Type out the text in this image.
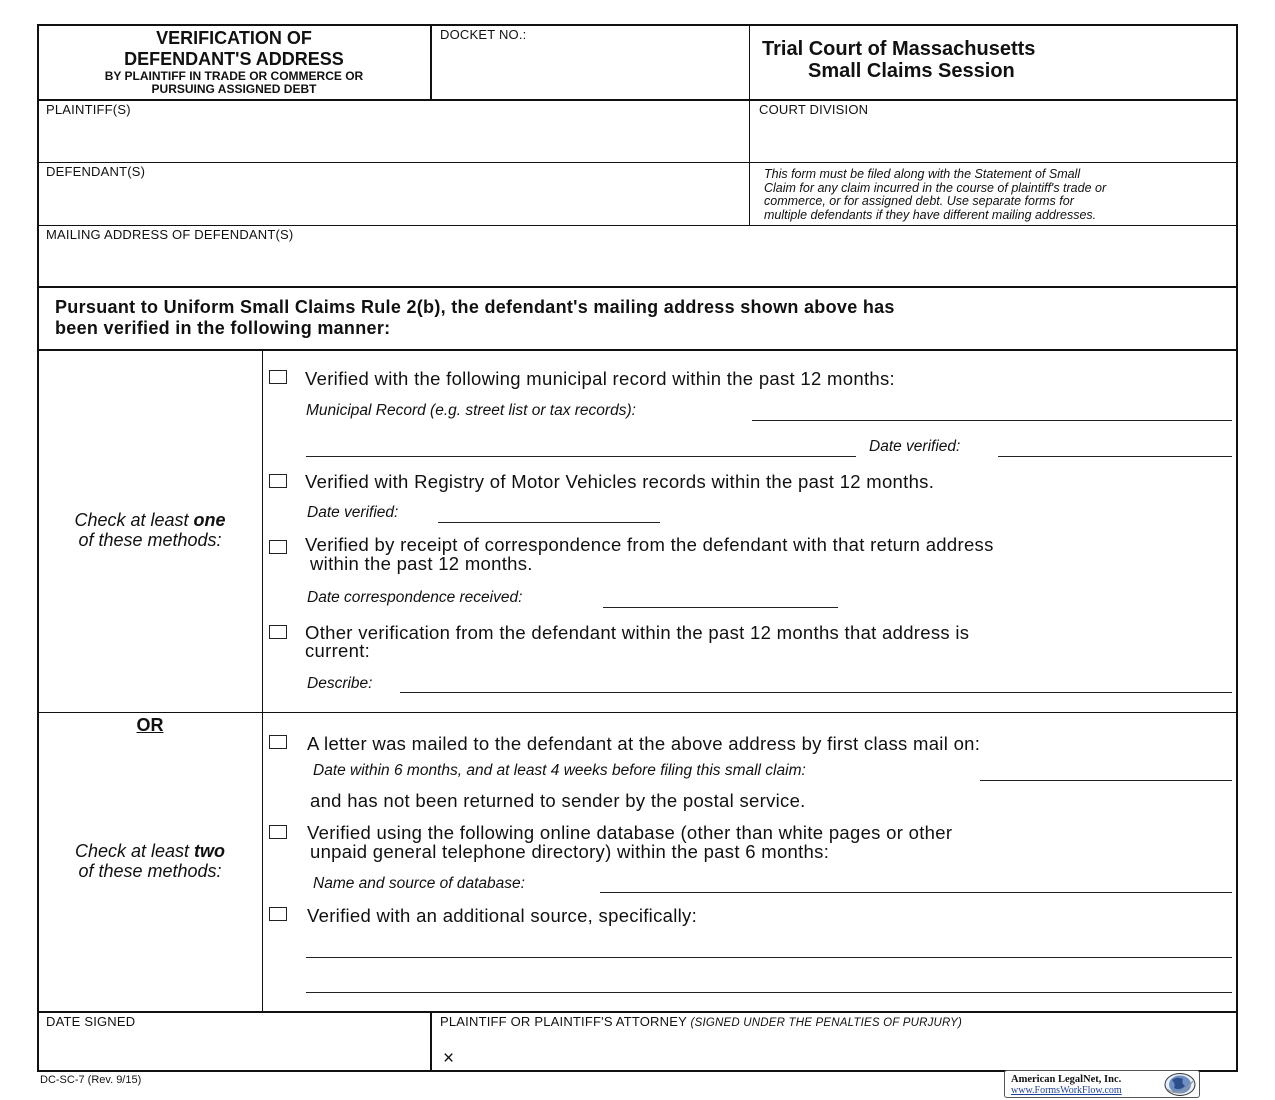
VERIFICATION OF
DEFENDANT'S ADDRESS
BY PLAINTIFF IN TRADE OR COMMERCE OR
PURSUING ASSIGNED DEBT
DOCKET NO.:
Trial Court of Massachusetts
Small Claims Session
PLAINTIFF(S)	COURT DIVISION
DEFENDANT(S)	This form must be filed along with the Statement of Small
Claim for any claim incurred in the course of plaintiff's trade or
commerce, or for assigned debt. Use separate forms for
multiple defendants if they have different mailing addresses.
MAILING ADDRESS OF DEFENDANT(S)
Pursuant to Uniform Small Claims Rule 2(b), the defendant's mailing address shown above has
been verified in the following manner:
Check at least one
of these methods:
Verified with the following municipal record within the past 12 months:
Municipal Record (e.g. street list or tax records):
Date verified:
Verified with Registry of Motor Vehicles records within the past 12 months.
Date verified:
Verified by receipt of correspondence from the defendant with that return address
within the past 12 months.
Date correspondence received:
Other verification from the defendant within the past 12 months that address is
current:
Describe:
OR
Check at least two
of these methods:
A letter was mailed to the defendant at the above address by first class mail on:
Date within 6 months, and at least 4 weeks before filing this small claim:
and has not been returned to sender by the postal service.
Verified using the following online database (other than white pages or other
unpaid general telephone directory) within the past 6 months:
Name and source of database:
Verified with an additional source, specifically:
DATE SIGNED	PLAINTIFF OR PLAINTIFF'S ATTORNEY (SIGNED UNDER THE PENALTIES OF PURJURY)
×
DC-SC-7 (Rev. 9/15)	American LegalNet, Inc.
www.FormsWorkFlow.com
